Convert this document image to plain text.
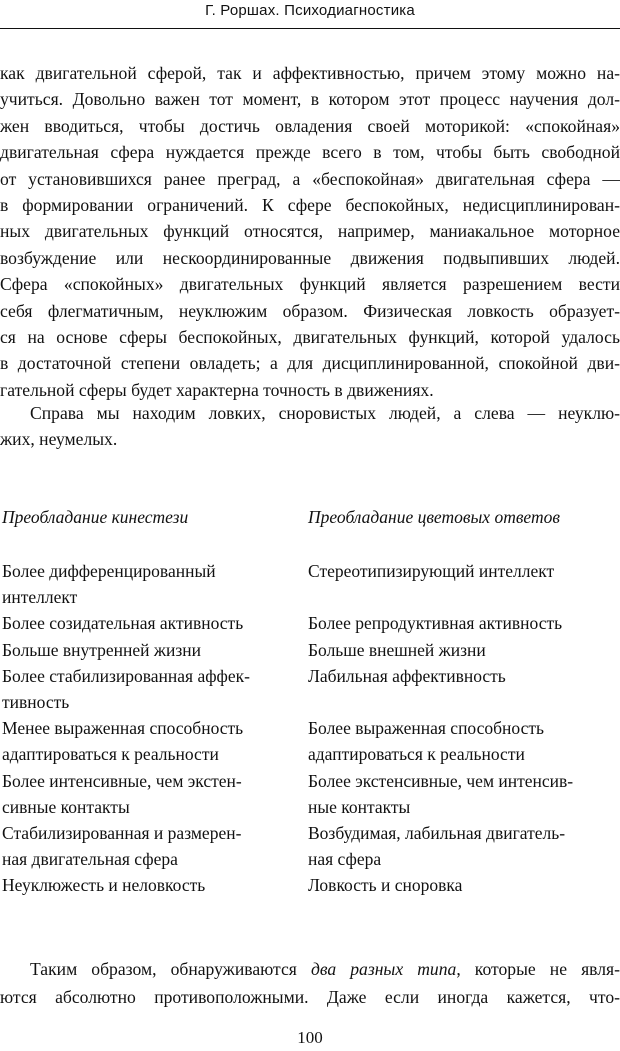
Г. Роршах. Психодиагностика
как двигательной сферой, так и аффективностью, причем этому можно на-
учиться. Довольно важен тот момент, в котором этот процесс научения дол-
жен вводиться, чтобы достичь овладения своей моторикой: «спокойная»
двигательная сфера нуждается прежде всего в том, чтобы быть свободной
от установившихся ранее преград, а «беспокойная» двигательная сфера —
в формировании ограничений. К сфере беспокойных, недисциплинирован-
ных двигательных функций относятся, например, маниакальное моторное
возбуждение или нескоординированные движения подвыпивших людей.
Сфера «спокойных» двигательных функций является разрешением вести
себя флегматичным, неуклюжим образом. Физическая ловкость образует-
ся на основе сферы беспокойных, двигательных функций, которой удалось
в достаточной степени овладеть; а для дисциплинированной, спокойной дви-
гательной сферы будет характерна точность в движениях.
Справа мы находим ловких, сноровистых людей, а слева — неуклю-
жих, неумелых.
Преобладание кинестези	Преобладание цветовых ответов
Более дифференцированный
интеллект
Более созидательная активность
Больше внутренней жизни
Более стабилизированная аффек-
тивность
Менее выраженная способность
адаптироваться к реальности
Более интенсивные, чем экстен-
сивные контакты
Стабилизированная и размерен-
ная двигательная сфера
Неуклюжесть и неловкость
Стереотипизирующий интеллект
Более репродуктивная активность
Больше внешней жизни
Лабильная аффективность
Более выраженная способность
адаптироваться к реальности
Более экстенсивные, чем интенсив-
ные контакты
Возбудимая, лабильная двигатель-
ная сфера
Ловкость и сноровка
Таким образом, обнаруживаются два разных типа, которые не явля-
ются абсолютно противоположными. Даже если иногда кажется, что-
100
